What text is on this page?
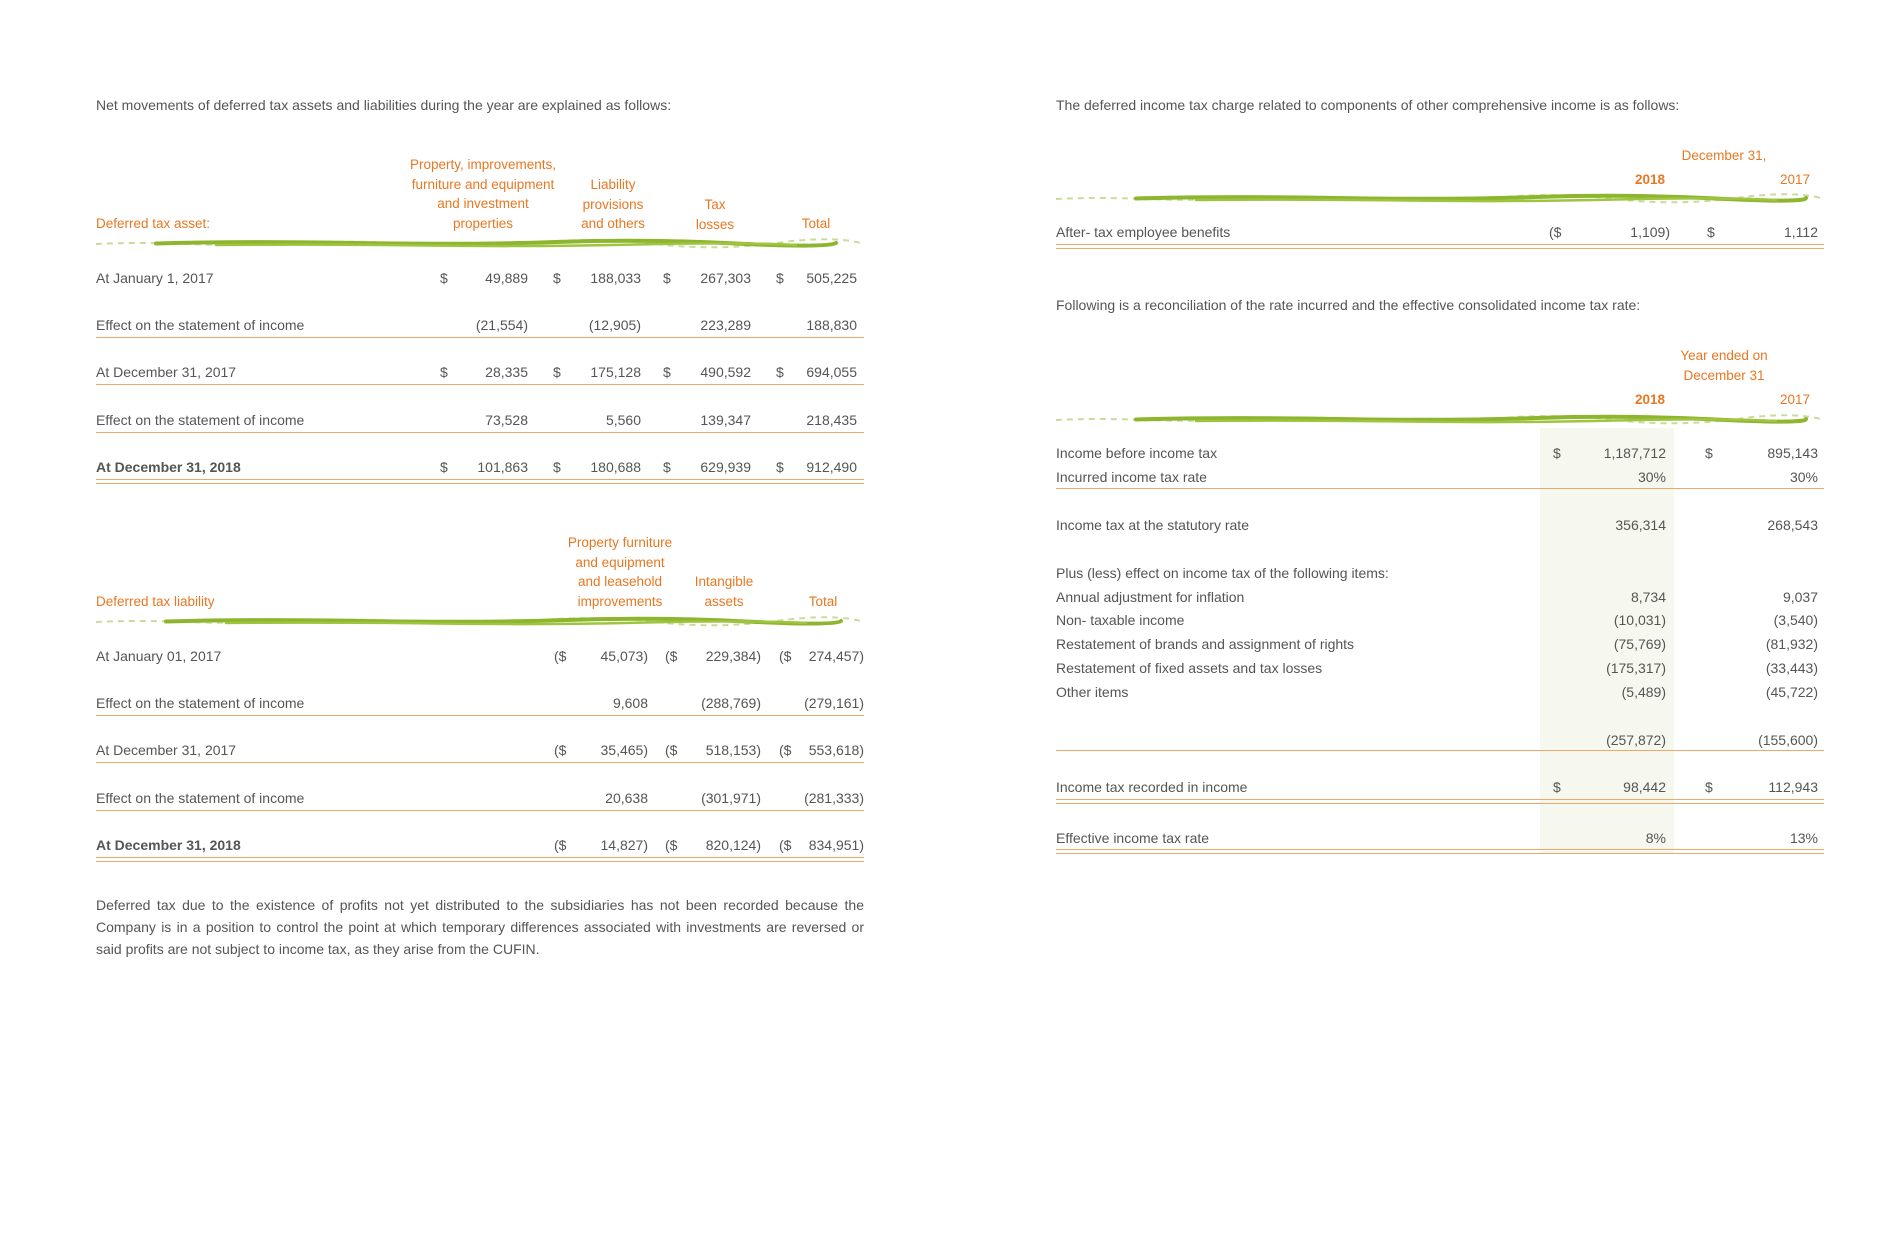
Net movements of deferred tax assets and liabilities during the year are explained as follows:
Property, improvements,
furniture and equipment
and investment
properties
Liability
provisions
and others
Tax
losses	Total
Deferred tax asset:
At January 1, 2017	$	49,889 $	188,033 $	267,303 $	505,225
Effect on the statement of income	(21,554)	(12,905)	223,289	188,830
At December 31, 2017	$	28,335 $	175,128 $	490,592 $	694,055
Effect on the statement of income	73,528	5,560	139,347	218,435
At December 31, 2018	$	101,863 $	180,688 $	629,939 $	912,490
Property furniture
and equipment
and leasehold
improvements
Intangible
assets	Total
Deferred tax liability
At January 01, 2017	($	45,073) ($	229,384) ($	274,457)
Effect on the statement of income	9,608	(288,769)	(279,161)
At December 31, 2017	($	35,465) ($	518,153) ($	553,618)
Effect on the statement of income	20,638	(301,971)	(281,333)
At December 31, 2018	($	14,827) ($	820,124) ($	834,951)
Deferred tax due to the existence of profits not yet distributed to the subsidiaries has not been recorded because the Company is in a position to control the point at which temporary differences associated with investments are reversed or said profits are not subject to income tax, as they arise from the CUFIN.
The deferred income tax charge related to components of other comprehensive income is as follows:
December 31,
2018	2017
After- tax employee benefits	($	1,109)	$	1,112
Following is a reconciliation of the rate incurred and the effective consolidated income tax rate:
Year ended on
December 31
2018	2017
Income before income tax	$	1,187,712	$	895,143
Incurred income tax rate	30%	30%
Income tax at the statutory rate	356,314	268,543
Plus (less) effect on income tax of the following items:
Annual adjustment for inflation	8,734	9,037
Non- taxable income	(10,031)	(3,540)
Restatement of brands and assignment of rights	(75,769)	(81,932)
Restatement of fixed assets and tax losses	(175,317)	(33,443)
Other items	(5,489)	(45,722)
(257,872)	(155,600)
Income tax recorded in income	$	98,442	$	112,943
Effective income tax rate	8%	13%
